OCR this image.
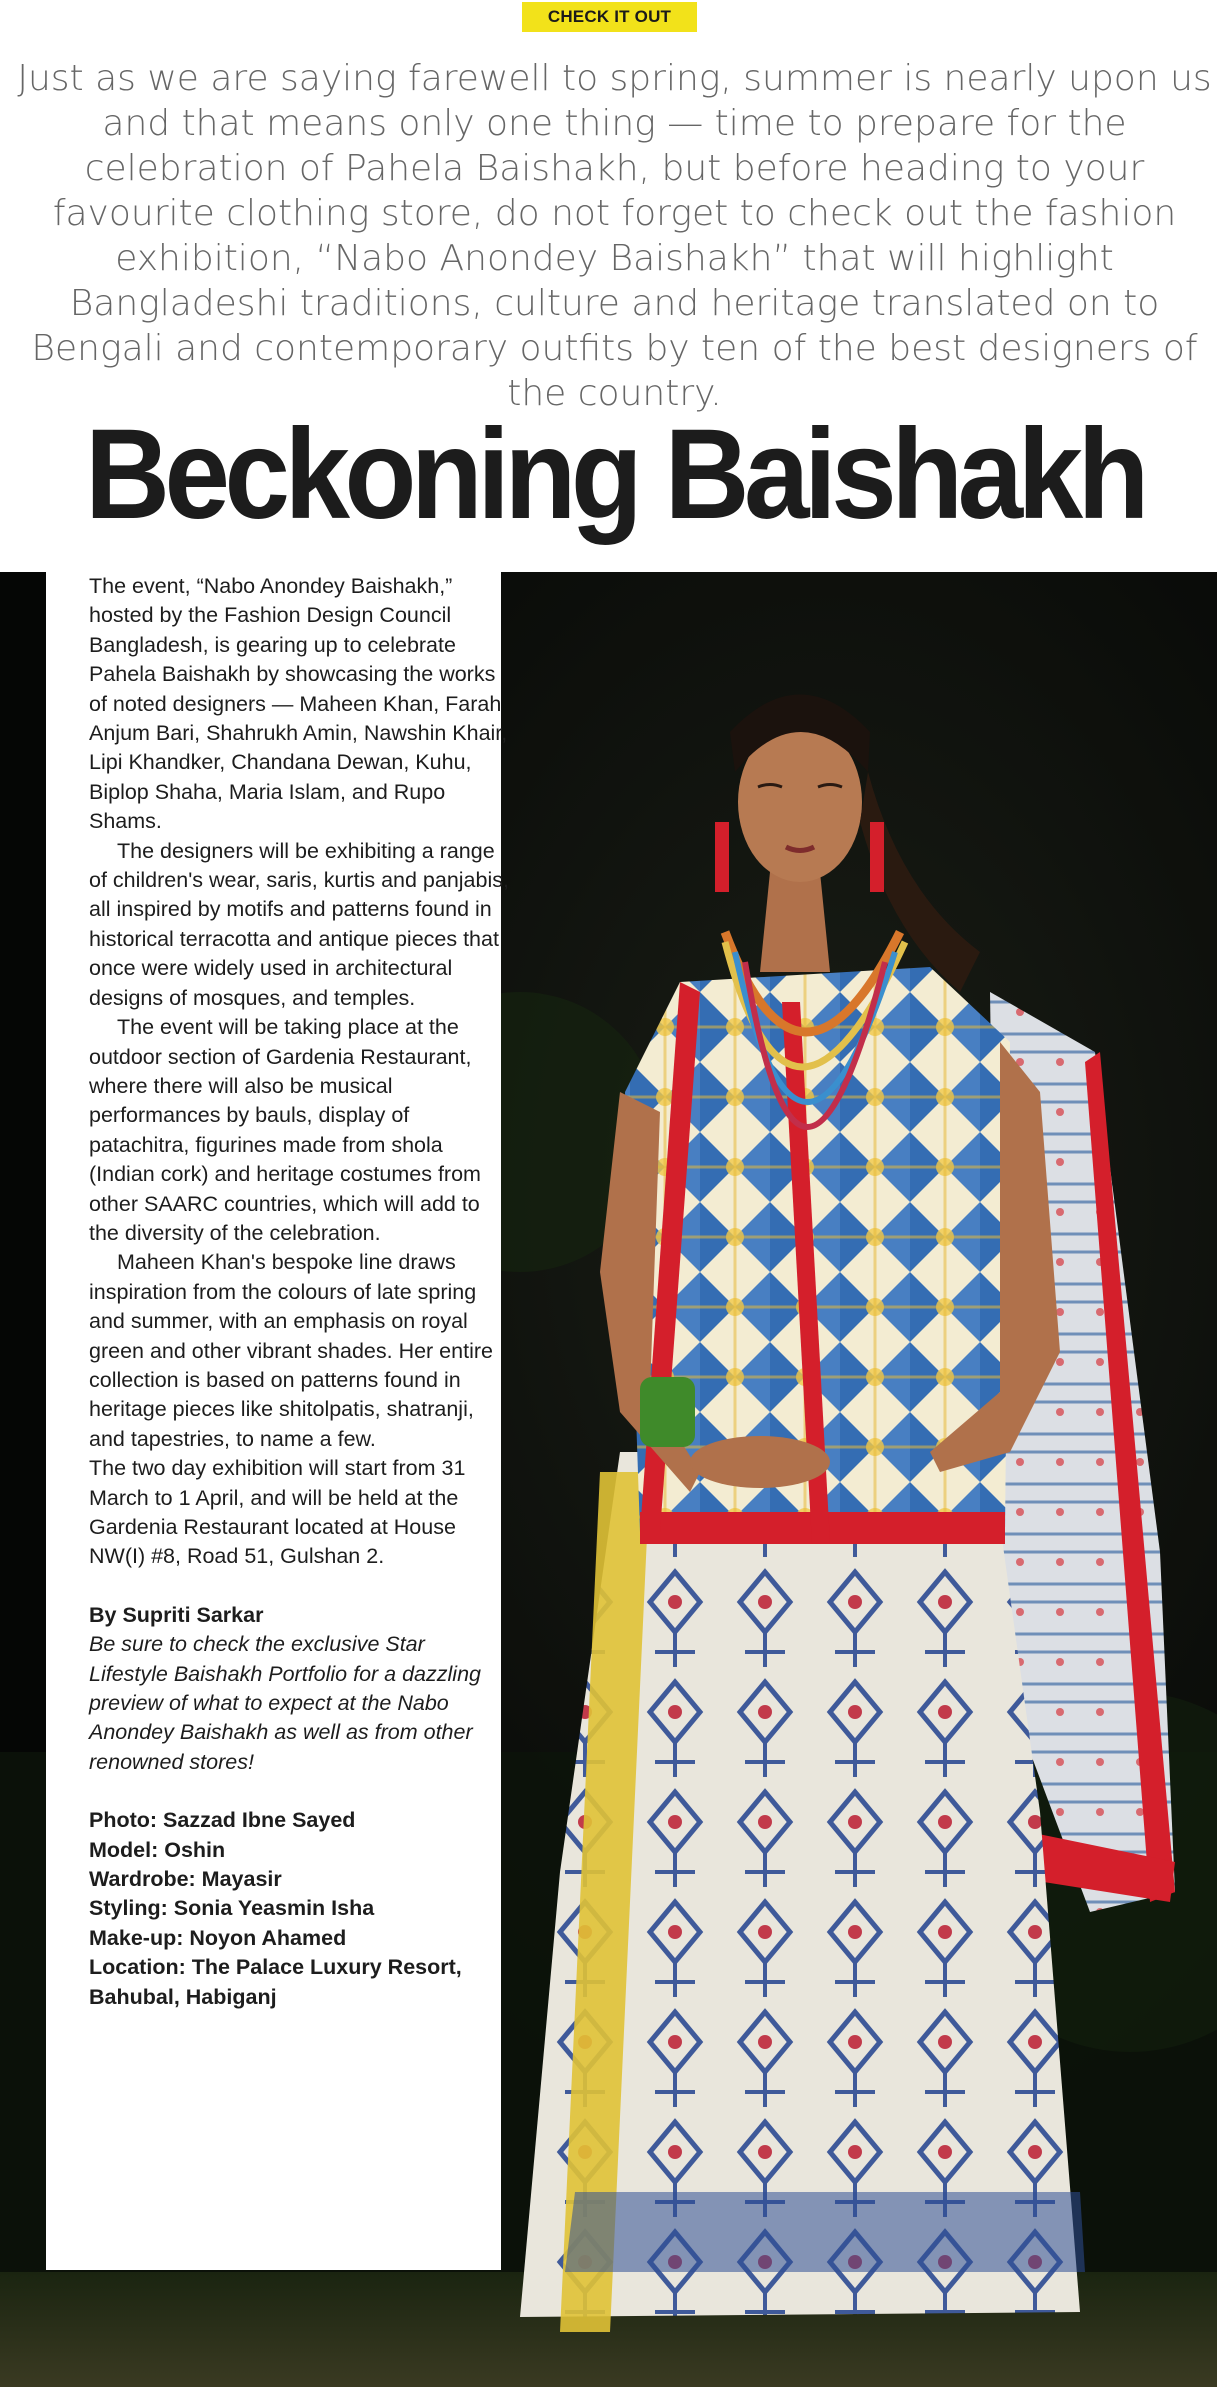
CHECK IT OUT

Just as we are saying farewell to spring, summer is nearly upon us and that means only one thing — time to prepare for the celebration of Pahela Baishakh, but before heading to your favourite clothing store, do not forget to check out the fashion exhibition, “Nabo Anondey Baishakh” that will highlight Bangladeshi traditions, culture and heritage translated on to Bengali and contemporary outfits by ten of the best designers of the country.

Beckoning Baishakh

The event, “Nabo Anondey Baishakh,” hosted by the Fashion Design Council Bangladesh, is gearing up to celebrate Pahela Baishakh by showcasing the works of noted designers — Maheen Khan, Farah Anjum Bari, Shahrukh Amin, Nawshin Khair, Lipi Khandker, Chandana Dewan, Kuhu, Biplop Shaha, Maria Islam, and Rupo Shams.

The designers will be exhibiting a range of children's wear, saris, kurtis and panjabis, all inspired by motifs and patterns found in historical terracotta and antique pieces that once were widely used in architectural designs of mosques, and temples.

The event will be taking place at the outdoor section of Gardenia Restaurant, where there will also be musical performances by bauls, display of patachitra, figurines made from shola (Indian cork) and heritage costumes from other SAARC countries, which will add to the diversity of the celebration.

Maheen Khan's bespoke line draws inspiration from the colours of late spring and summer, with an emphasis on royal green and other vibrant shades. Her entire collection is based on patterns found in heritage pieces like shitolpatis, shatranji, and tapestries, to name a few.

The two day exhibition will start from 31 March to 1 April, and will be held at the Gardenia Restaurant located at House NW(I) #8, Road 51, Gulshan 2.

By Supriti Sarkar

Be sure to check the exclusive Star Lifestyle Baishakh Portfolio for a dazzling preview of what to expect at the Nabo Anondey Baishakh as well as from other renowned stores!

Photo: Sazzad Ibne Sayed

Model: Oshin

Wardrobe: Mayasir

Styling: Sonia Yeasmin Isha

Make-up: Noyon Ahamed

Location: The Palace Luxury Resort, Bahubal, Habiganj
